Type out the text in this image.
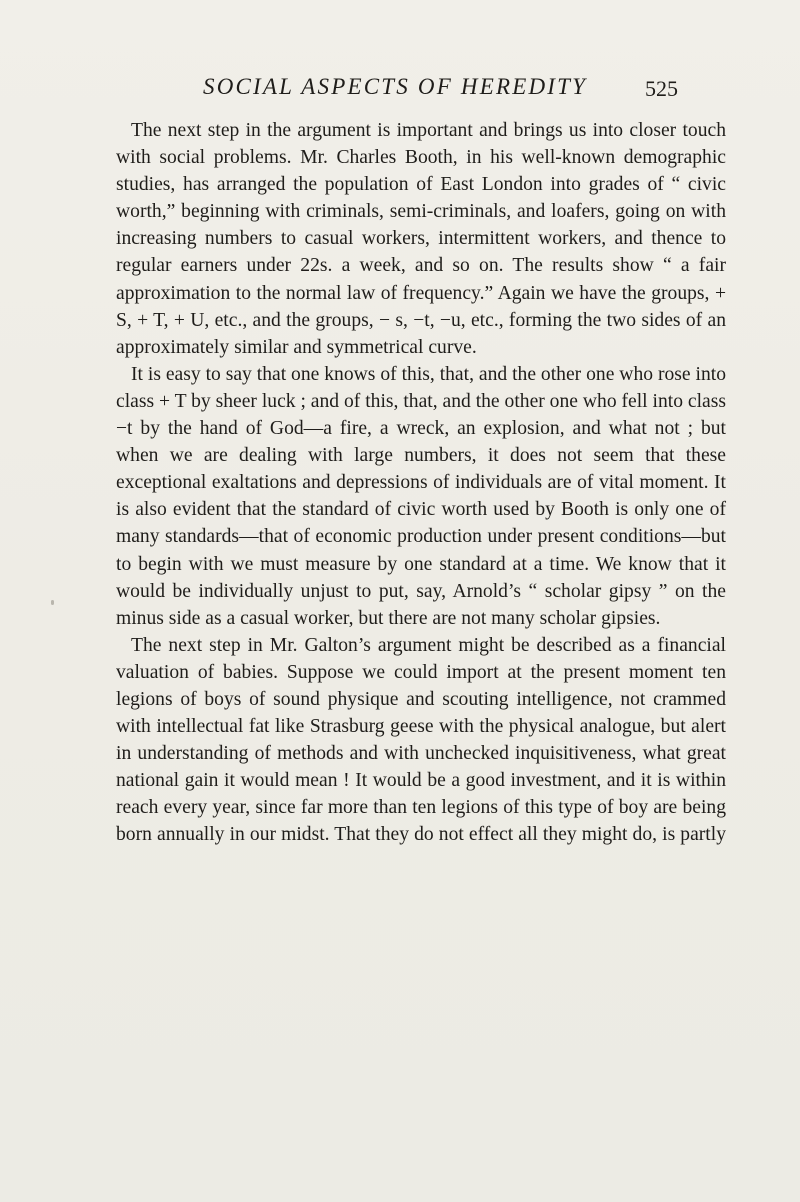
SOCIAL ASPECTS OF HEREDITY	525

The next step in the argument is important and brings us into closer touch with social problems. Mr. Charles Booth, in his well-known demographic studies, has arranged the population of East London into grades of “ civic worth,” beginning with criminals, semi-criminals, and loafers, going on with increasing numbers to casual workers, intermittent workers, and thence to regular earners under 22s. a week, and so on. The results show “ a fair approximation to the normal law of frequency.” Again we have the groups, + S, + T, + U, etc., and the groups, − s, −t, −u, etc., forming the two sides of an approximately similar and symmetrical curve.

It is easy to say that one knows of this, that, and the other one who rose into class + T by sheer luck ; and of this, that, and the other one who fell into class −t by the hand of God—a fire, a wreck, an explosion, and what not ; but when we are dealing with large numbers, it does not seem that these exceptional exaltations and depressions of individuals are of vital moment. It is also evident that the standard of civic worth used by Booth is only one of many standards—that of economic production under present conditions—but to begin with we must measure by one standard at a time. We know that it would be individually unjust to put, say, Arnold’s “ scholar gipsy ” on the minus side as a casual worker, but there are not many scholar gipsies.

The next step in Mr. Galton’s argument might be described as a financial valuation of babies. Suppose we could import at the present moment ten legions of boys of sound physique and scouting intelligence, not crammed with intellectual fat like Strasburg geese with the physical analogue, but alert in understanding of methods and with unchecked inquisitiveness, what great national gain it would mean ! It would be a good investment, and it is within reach every year, since far more than ten legions of this type of boy are being born annually in our midst. That they do not effect all they might do, is partly
